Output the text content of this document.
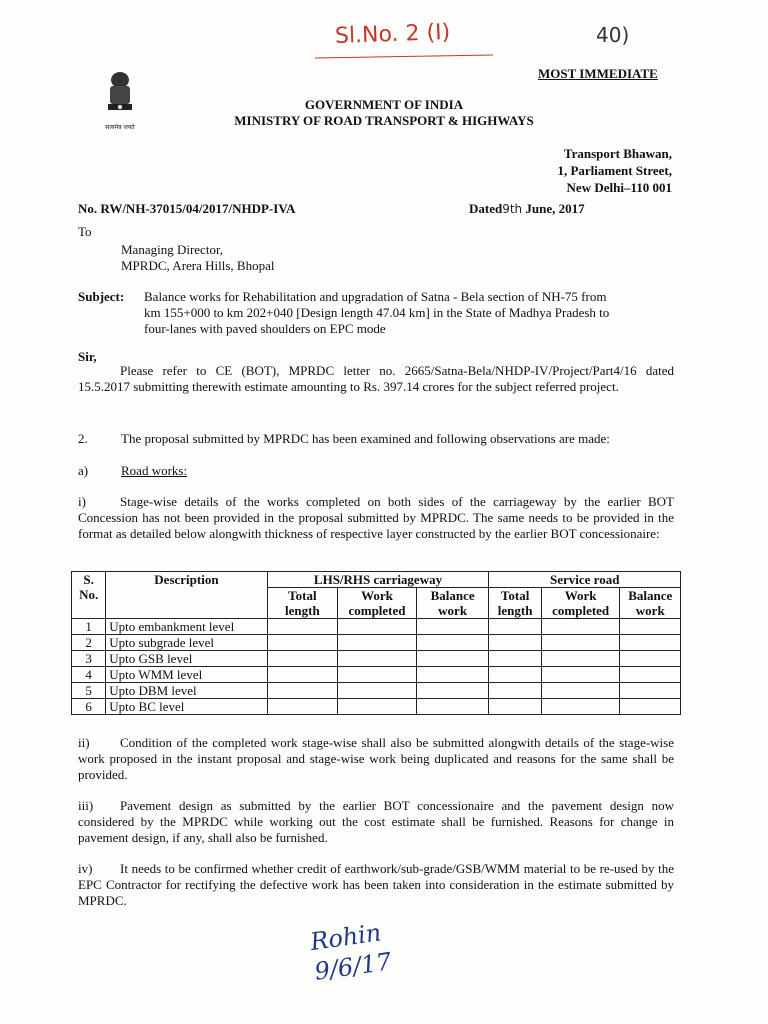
Sl.No. 2 (I)	40)
सत्यमेव जयते
MOST IMMEDIATE
GOVERNMENT OF INDIA
MINISTRY OF ROAD TRANSPORT & HIGHWAYS
Transport Bhawan,
1, Parliament Street,
New Delhi–110 001
No. RW/NH-37015/04/2017/NHDP-IVA	Dated9th June, 2017
To
Managing Director,
MPRDC, Arera Hills, Bhopal
Subject: Balance works for Rehabilitation and upgradation of Satna - Bela section of NH-75 from
km 155+000 to km 202+040 [Design length 47.04 km] in the State of Madhya Pradesh to
four-lanes with paved shoulders on EPC mode
Sir,
Please refer to CE (BOT), MPRDC letter no. 2665/Satna-Bela/NHDP-IV/Project/Part4/16 dated 15.5.2017 submitting therewith estimate amounting to Rs. 397.14 crores for the subject referred project.
2.	The proposal submitted by MPRDC has been examined and following observations are made:
a)	Road works:
i)	Stage-wise details of the works completed on both sides of the carriageway by the earlier BOT Concession has not been provided in the proposal submitted by MPRDC. The same needs to be provided in the format as detailed below alongwith thickness of respective layer constructed by the earlier BOT concessionaire:
S. No.	Description	LHS/RHS carriageway			Service road		
		Total length	Work completed	Balance work	Total length	Work completed	Balance work
1	Upto embankment level						
2	Upto subgrade level						
3	Upto GSB level						
4	Upto WMM level						
5	Upto DBM level						
6	Upto BC level						
ii) Condition of the completed work stage-wise shall also be submitted alongwith details of the stage-wise work proposed in the instant proposal and stage-wise work being duplicated and reasons for the same shall be provided.
iii) Pavement design as submitted by the earlier BOT concessionaire and the pavement design now considered by the MPRDC while working out the cost estimate shall be furnished. Reasons for change in pavement design, if any, shall also be furnished.
iv) It needs to be confirmed whether credit of earthwork/sub-grade/GSB/WMM material to be re-used by the EPC Contractor for rectifying the defective work has been taken into consideration in the estimate submitted by MPRDC.
Rohin 9/6/17
